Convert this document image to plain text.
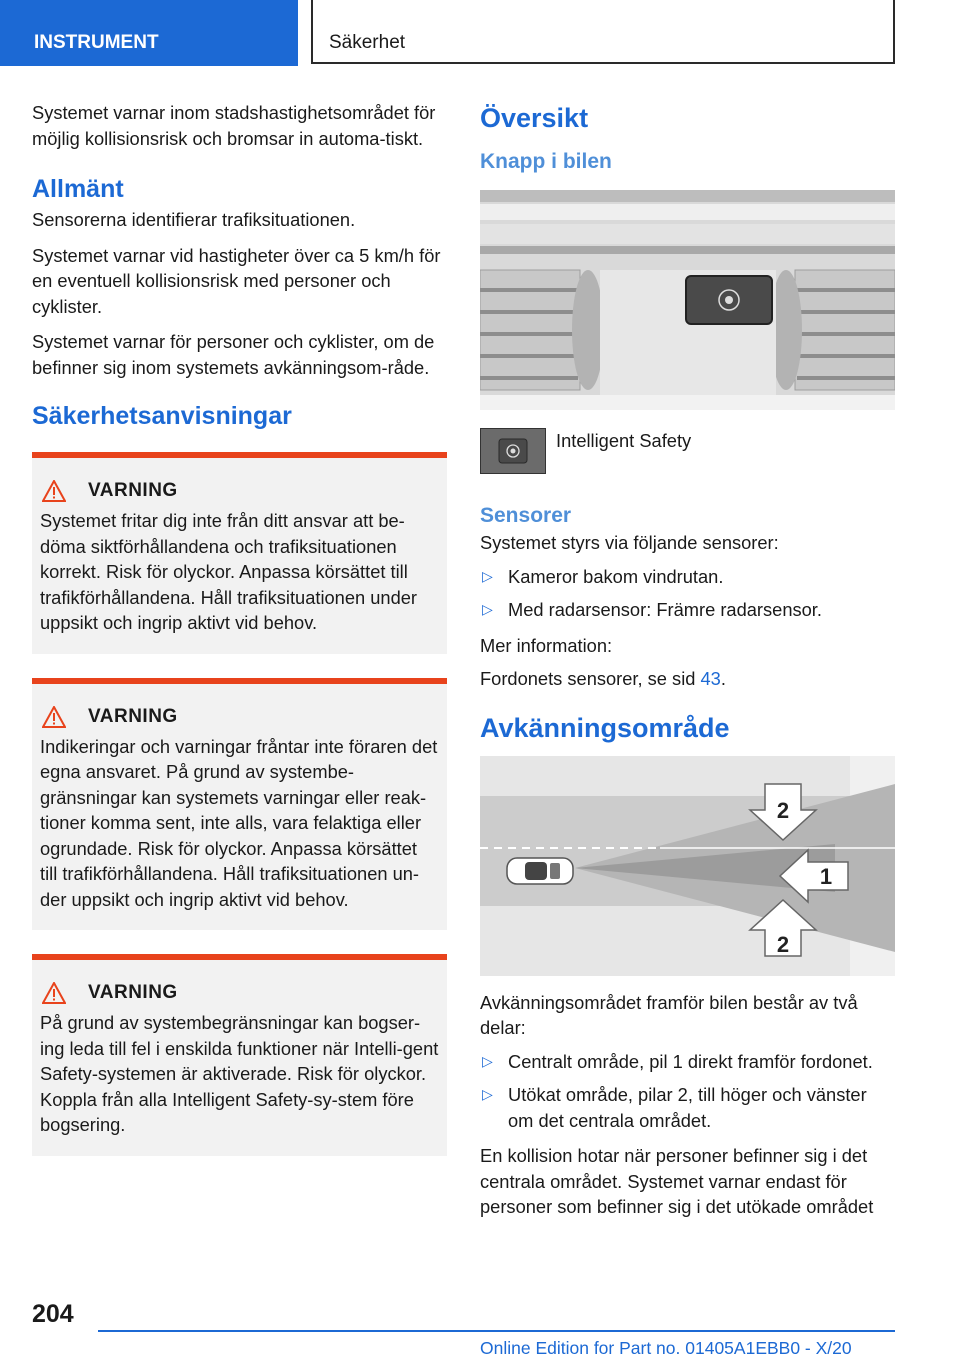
INSTRUMENT	Säkerhet

Systemet varnar inom stadshastighetsområdet för möjlig kollisionsrisk och bromsar in automa-tiskt.

Allmänt

Sensorerna identifierar trafiksituationen.

Systemet varnar vid hastigheter över ca 5 km/h för en eventuell kollisionsrisk med personer och cyklister.

Systemet varnar för personer och cyklister, om de befinner sig inom systemets avkänningsom-råde.

Säkerhetsanvisningar
VARNING

Systemet fritar dig inte från ditt ansvar att be-döma siktförhållandena och trafiksituationen korrekt. Risk för olyckor. Anpassa körsättet till trafikförhållandena. Håll trafiksituationen under uppsikt och ingrip aktivt vid behov.

VARNING

Indikeringar och varningar fråntar inte föraren det egna ansvaret. På grund av systembe-gränsningar kan systemets varningar eller reak-tioner komma sent, inte alls, vara felaktiga eller ogrundade. Risk för olyckor. Anpassa körsättet till trafikförhållandena. Håll trafiksituationen un-der uppsikt och ingrip aktivt vid behov.

VARNING

På grund av systembegränsningar kan bogser-ing leda till fel i enskilda funktioner när Intelli-gent Safety-systemen är aktiverade. Risk för olyckor. Koppla från alla Intelligent Safety-sy-stem före bogsering.

Översikt
Knapp i bilen

Intelligent Safety

Sensorer

Systemet styrs via följande sensorer:

▷ Kameror bakom vindrutan.
▷ Med radarsensor: Främre radarsensor.

Mer information:

Fordonets sensorer, se sid 43.

Avkänningsområde
2
1
2

Avkänningsområdet framför bilen består av två delar:

▷ Centralt område, pil 1 direkt framför fordonet.
▷ Utökat område, pilar 2, till höger och vänster om det centrala området.

En kollision hotar när personer befinner sig i det centrala området. Systemet varnar endast för personer som befinner sig i det utökade området

204
Online Edition for Part no. 01405A1EBB0 - X/20
